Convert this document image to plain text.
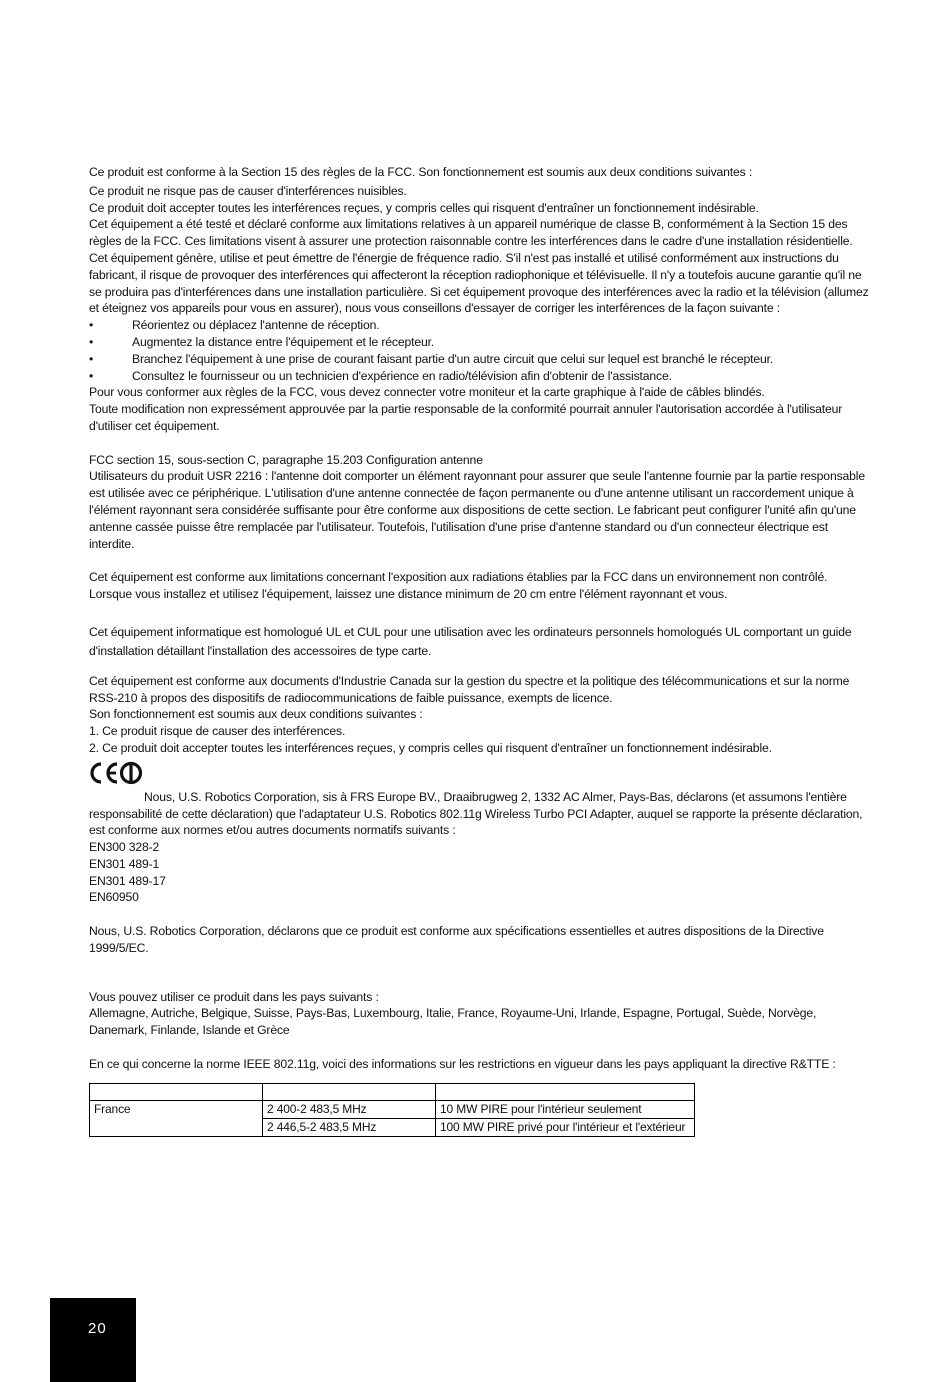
Ce produit est conforme à la Section 15 des règles de la FCC. Son fonctionnement est soumis aux deux conditions suivantes :

Ce produit ne risque pas de causer d'interférences nuisibles.

Ce produit doit accepter toutes les interférences reçues, y compris celles qui risquent d'entraîner un fonctionnement indésirable.

Cet équipement a été testé et déclaré conforme aux limitations relatives à un appareil numérique de classe B, conformément à la Section 15 des règles de la FCC. Ces limitations visent à assurer une protection raisonnable contre les interférences dans le cadre d'une installation résidentielle. Cet équipement génère, utilise et peut émettre de l'énergie de fréquence radio. S'il n'est pas installé et utilisé conformément aux instructions du fabricant, il risque de provoquer des interférences qui affecteront la réception radiophonique et télévisuelle. Il n'y a toutefois aucune garantie qu'il ne se produira pas d'interférences dans une installation particulière. Si cet équipement provoque des interférences avec la radio et la télévision (allumez et éteignez vos appareils pour vous en assurer), nous vous conseillons d'essayer de corriger les interférences de la façon suivante :

•	Réorientez ou déplacez l'antenne de réception.
•	Augmentez la distance entre l'équipement et le récepteur.
•	Branchez l'équipement à une prise de courant faisant partie d'un autre circuit que celui sur lequel est branché le récepteur.
•	Consultez le fournisseur ou un technicien d'expérience en radio/télévision afin d'obtenir de l'assistance.

Pour vous conformer aux règles de la FCC, vous devez connecter votre moniteur et la carte graphique à l'aide de câbles blindés.

Toute modification non expressément approuvée par la partie responsable de la conformité pourrait annuler l'autorisation accordée à l'utilisateur d'utiliser cet équipement.

FCC section 15, sous-section C, paragraphe 15.203 Configuration antenne

Utilisateurs du produit USR 2216 : l'antenne doit comporter un élément rayonnant pour assurer que seule l'antenne fournie par la partie responsable est utilisée avec ce périphérique. L'utilisation d'une antenne connectée de façon permanente ou d'une antenne utilisant un raccordement unique à l'élément rayonnant sera considérée suffisante pour être conforme aux dispositions de cette section. Le fabricant peut configurer l'unité afin qu'une antenne cassée puisse être remplacée par l'utilisateur. Toutefois, l'utilisation d'une prise d'antenne standard ou d'un connecteur électrique est interdite.

Cet équipement est conforme aux limitations concernant l'exposition aux radiations établies par la FCC dans un environnement non contrôlé. Lorsque vous installez et utilisez l'équipement, laissez une distance minimum de 20 cm entre l'élément rayonnant et vous.

Cet équipement informatique est homologué UL et CUL pour une utilisation avec les ordinateurs personnels homologués UL comportant un guide d'installation détaillant l'installation des accessoires de type carte.

Cet équipement est conforme aux documents d'Industrie Canada sur la gestion du spectre et la politique des télécommunications et sur la norme RSS-210 à propos des dispositifs de radiocommunications de faible puissance, exempts de licence.

Son fonctionnement est soumis aux deux conditions suivantes :

1. Ce produit risque de causer des interférences.

2. Ce produit doit accepter toutes les interférences reçues, y compris celles qui risquent d'entraîner un fonctionnement indésirable.

Nous, U.S. Robotics Corporation, sis à FRS Europe BV., Draaibrugweg 2, 1332 AC Almer, Pays-Bas, déclarons (et assumons l'entière responsabilité de cette déclaration) que l'adaptateur U.S. Robotics 802.11g Wireless Turbo PCI Adapter, auquel se rapporte la présente déclaration, est conforme aux normes et/ou autres documents normatifs suivants :

EN300 328-2

EN301 489-1

EN301 489-17

EN60950

Nous, U.S. Robotics Corporation, déclarons que ce produit est conforme aux spécifications essentielles et autres dispositions de la Directive 1999/5/EC.

Vous pouvez utiliser ce produit dans les pays suivants :

Allemagne, Autriche, Belgique, Suisse, Pays-Bas, Luxembourg, Italie, France, Royaume-Uni, Irlande, Espagne, Portugal, Suède, Norvège, Danemark, Finlande, Islande et Grèce

En ce qui concerne la norme IEEE 802.11g, voici des informations sur les restrictions en vigueur dans les pays appliquant la directive R&TTE :

France	2 400-2 483,5 MHz	10 MW PIRE pour l'intérieur seulement
	2 446,5-2 483,5 MHz	100 MW PIRE privé pour l'intérieur et l'extérieur
20
